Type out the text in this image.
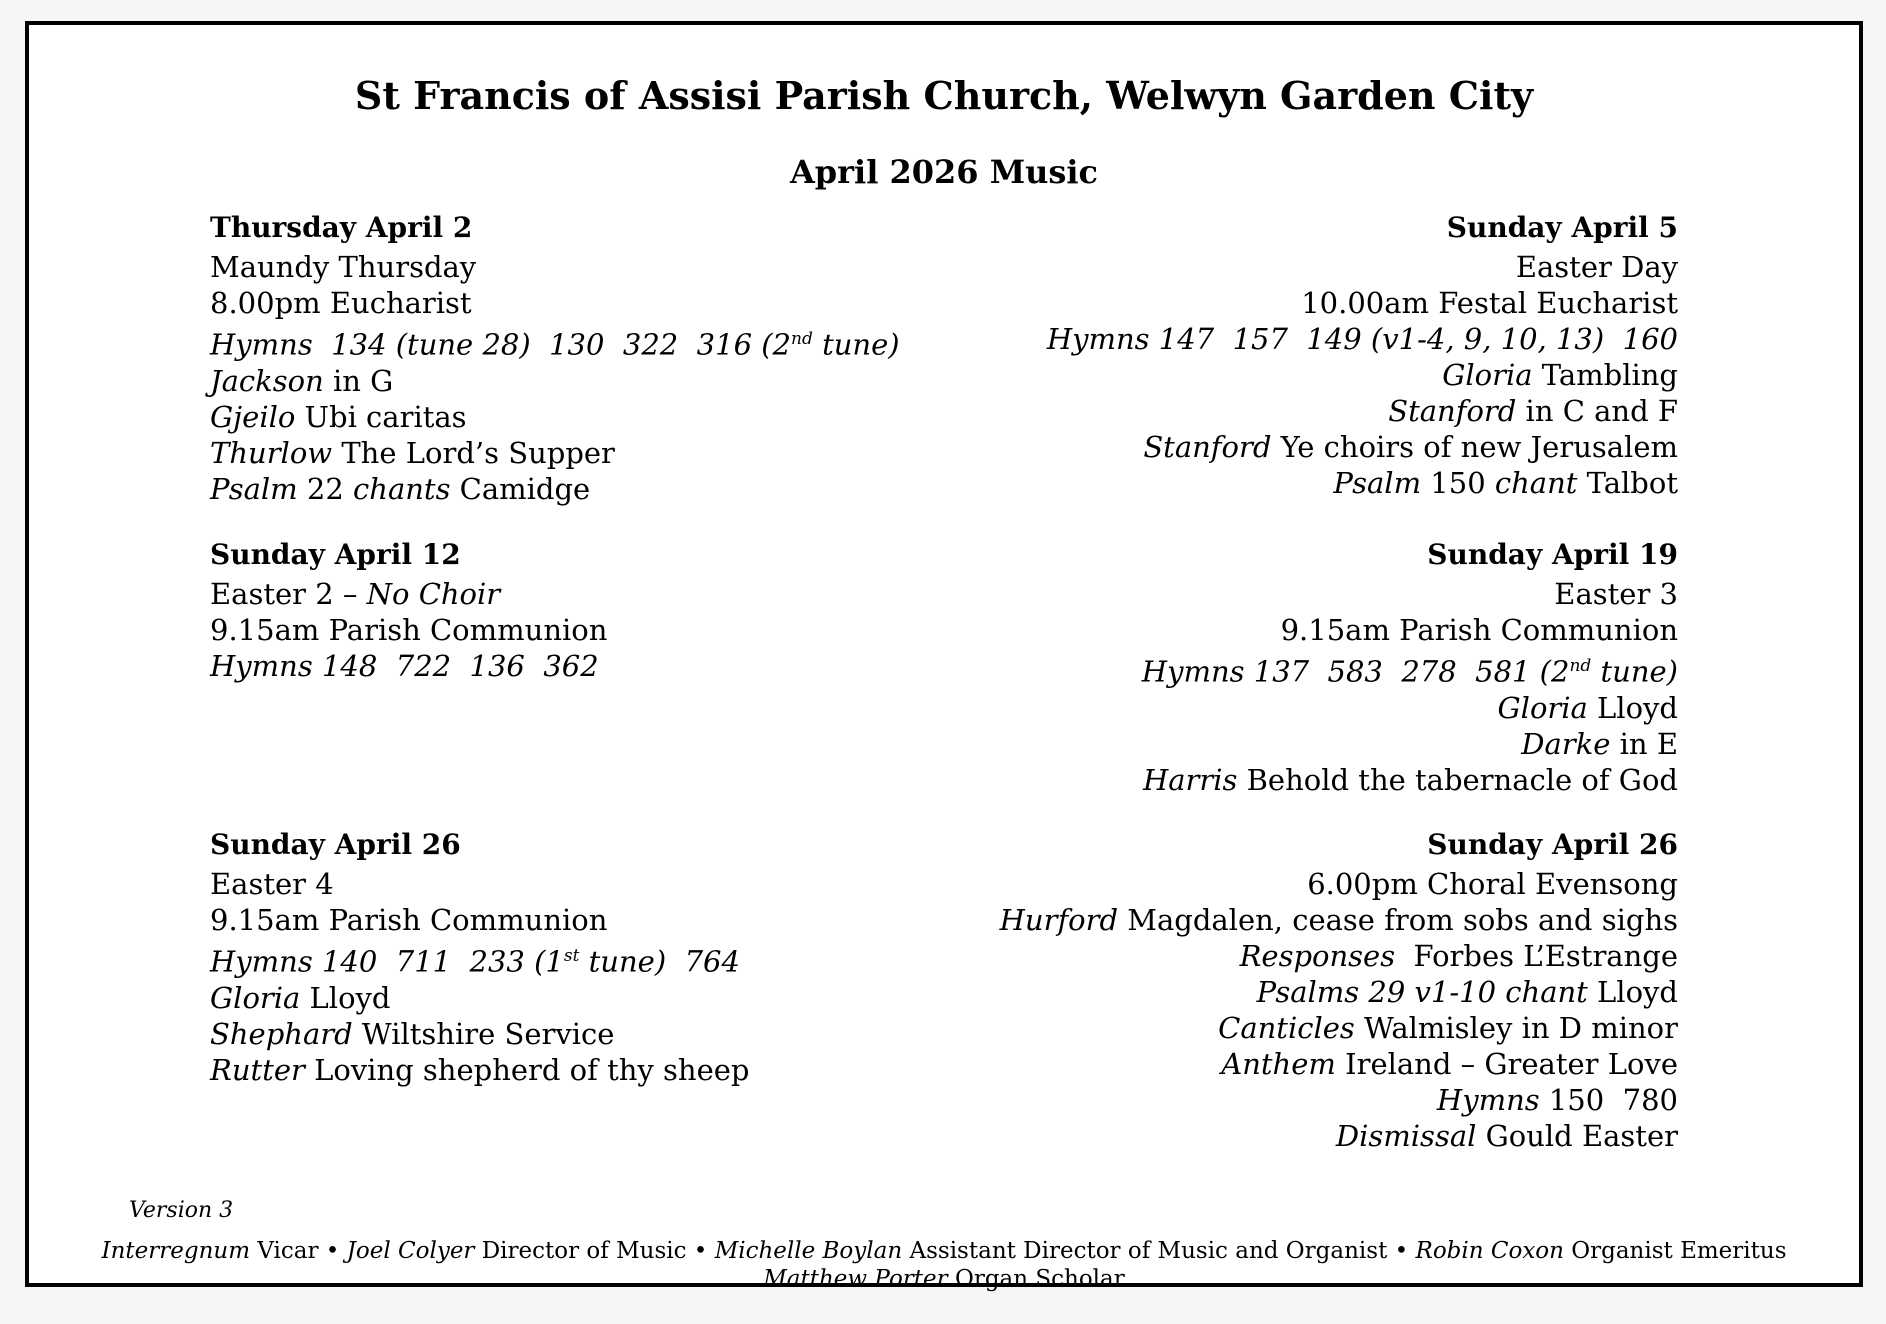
St Francis of Assisi Parish Church, Welwyn Garden City
April 2026 Music
Thursday April 2
Maundy Thursday
8.00pm Eucharist
Hymns  134 (tune 28)  130  322  316 (2nd tune)
Jackson in G
Gjeilo Ubi caritas
Thurlow The Lord’s Supper
Psalm 22 chants Camidge
Sunday April 5
Easter Day
10.00am Festal Eucharist
Hymns 147  157  149 (v1-4, 9, 10, 13)  160
Gloria Tambling
Stanford in C and F
Stanford Ye choirs of new Jerusalem
Psalm 150 chant Talbot
Sunday April 12
Easter 2 – No Choir
9.15am Parish Communion
Hymns 148  722  136  362
Sunday April 19
Easter 3
9.15am Parish Communion
Hymns 137  583  278  581 (2nd tune)
Gloria Lloyd
Darke in E
Harris Behold the tabernacle of God
Sunday April 26
Easter 4
9.15am Parish Communion
Hymns 140  711  233 (1st tune)  764
Gloria Lloyd
Shephard Wiltshire Service
Rutter Loving shepherd of thy sheep
Sunday April 26
6.00pm Choral Evensong
Hurford Magdalen, cease from sobs and sighs
Responses  Forbes L’Estrange
Psalms 29 v1-10 chant Lloyd
Canticles Walmisley in D minor
Anthem Ireland – Greater Love
Hymns 150  780
Dismissal Gould Easter
Version 3
Interregnum Vicar • Joel Colyer Director of Music • Michelle Boylan Assistant Director of Music and Organist • Robin Coxon Organist Emeritus
Matthew Porter Organ Scholar
